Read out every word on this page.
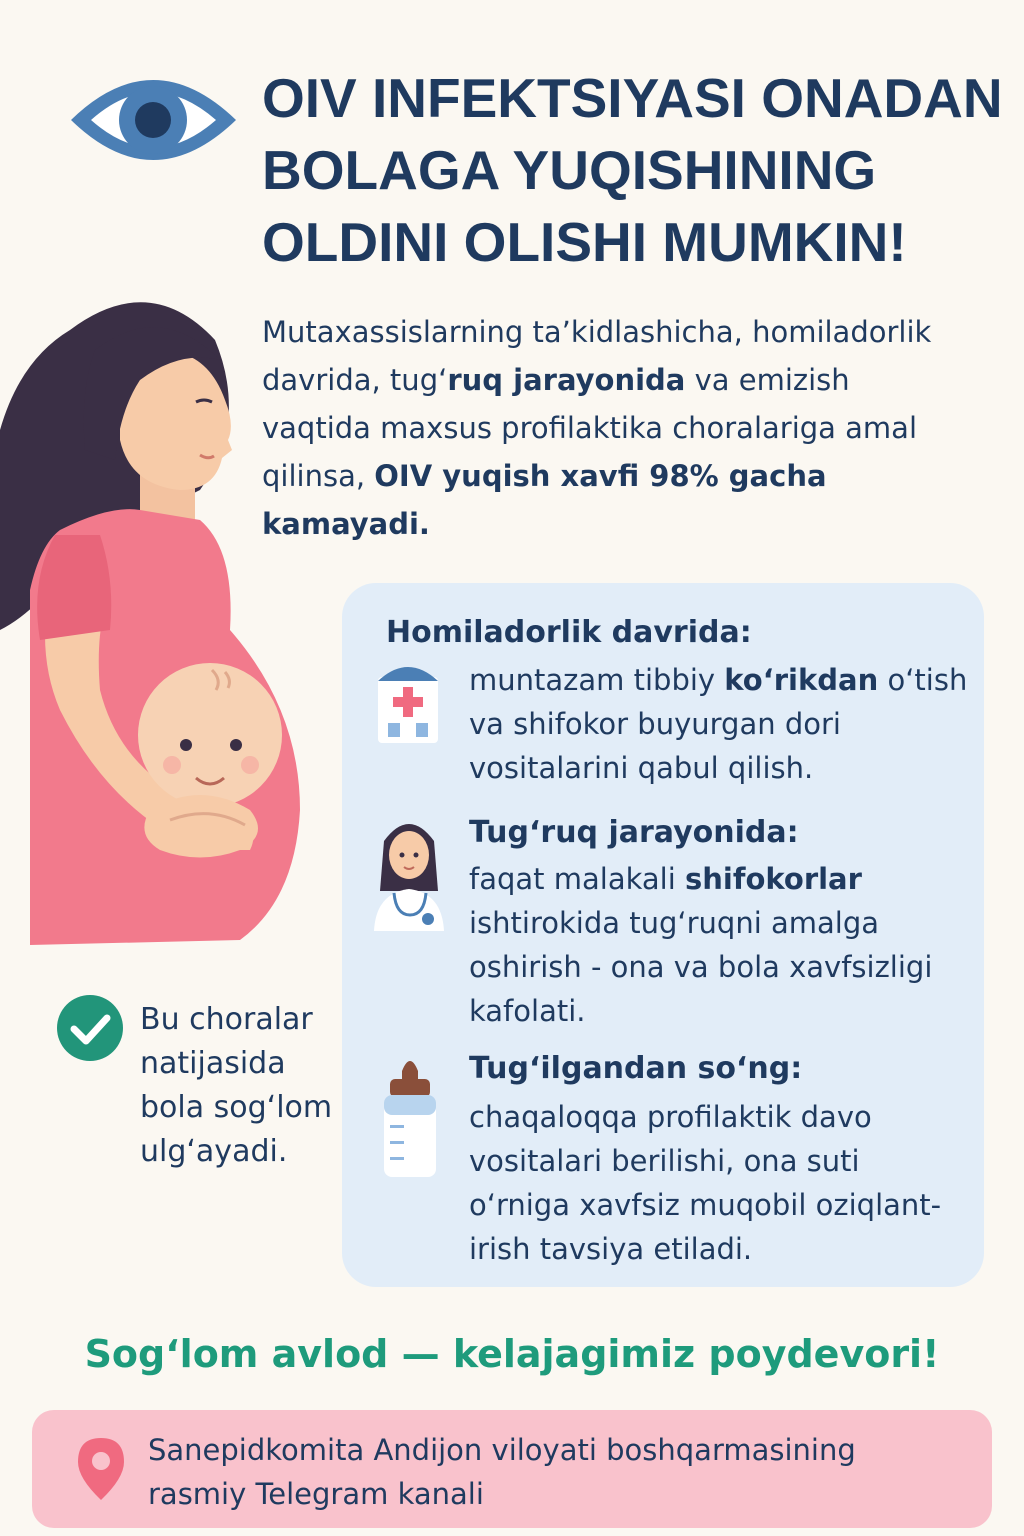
OIV INFEKTSIYASI ONADAN BOLAGA YUQISHINING OLDINI OLISHI MUMKIN!

Mutaxassislarning ta’kidlashicha, homiladorlik davrida, tug‘ruq jarayonida va emizish vaqtida maxsus profilaktika choralariga amal qilinsa, OIV yuqish xavfi 98% gacha kamayadi.

Bu choralar natijasida bola sog‘lom ulg‘ayadi.

Homiladorlik davrida:

muntazam tibbiy ko‘rikdan o‘tish va shifokor buyurgan dori vositalarini qabul qilish.

Tug‘ruq jarayonida:

faqat malakali shifokorlar ishtirokida tug‘ruqni amalga oshirish - ona va bola xavfsizligi kafolati.

Tug‘ilgandan so‘ng:

chaqaloqqa profilaktik davo vositalari berilishi, ona suti o‘rniga xavfsiz muqobil oziqlant-irish tavsiya etiladi.

Sog‘lom avlod — kelajagimiz poydevori!

Sanepidkomita Andijon viloyati boshqarmasining rasmiy Telegram kanali
